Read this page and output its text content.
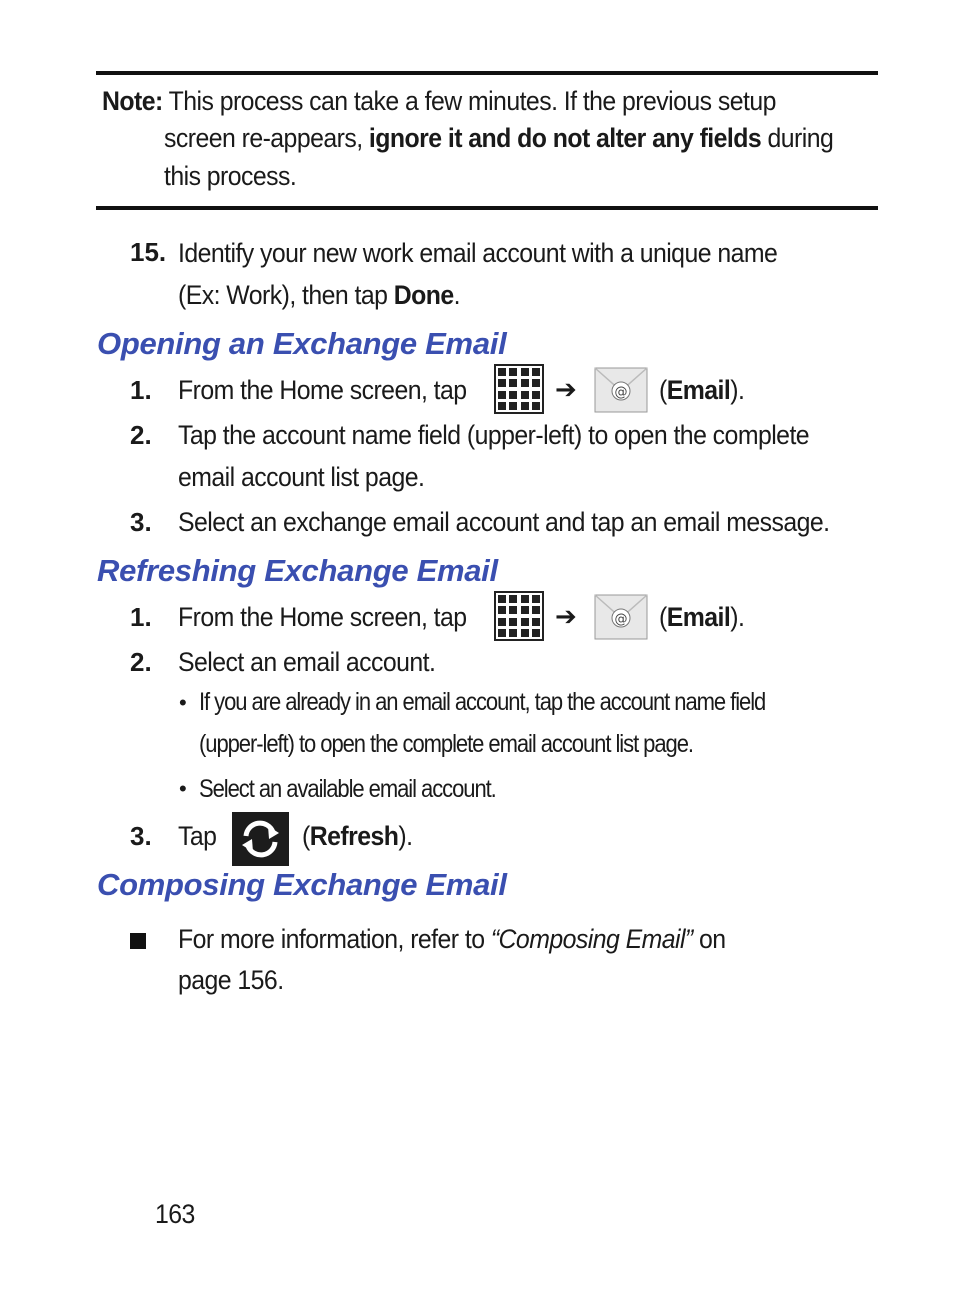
Note: This process can take a few minutes. If the previous setup
screen re-appears, ignore it and do not alter any fields during
this process.
15. Identify your new work email account with a unique name
(Ex: Work), then tap Done.
Opening an Exchange Email
1. From the Home screen, tap	➔	@ (Email).
2. Tap the account name field (upper-left) to open the complete
email account list page.
3. Select an exchange email account and tap an email message.
Refreshing Exchange Email
1. From the Home screen, tap	➔	@ (Email).
2. Select an email account.
• If you are already in an email account, tap the account name field
(upper-left) to open the complete email account list page.
• Select an available email account.
3. Tap	(Refresh).
Composing Exchange Email
For more information, refer to “Composing Email” on
page 156.
163
